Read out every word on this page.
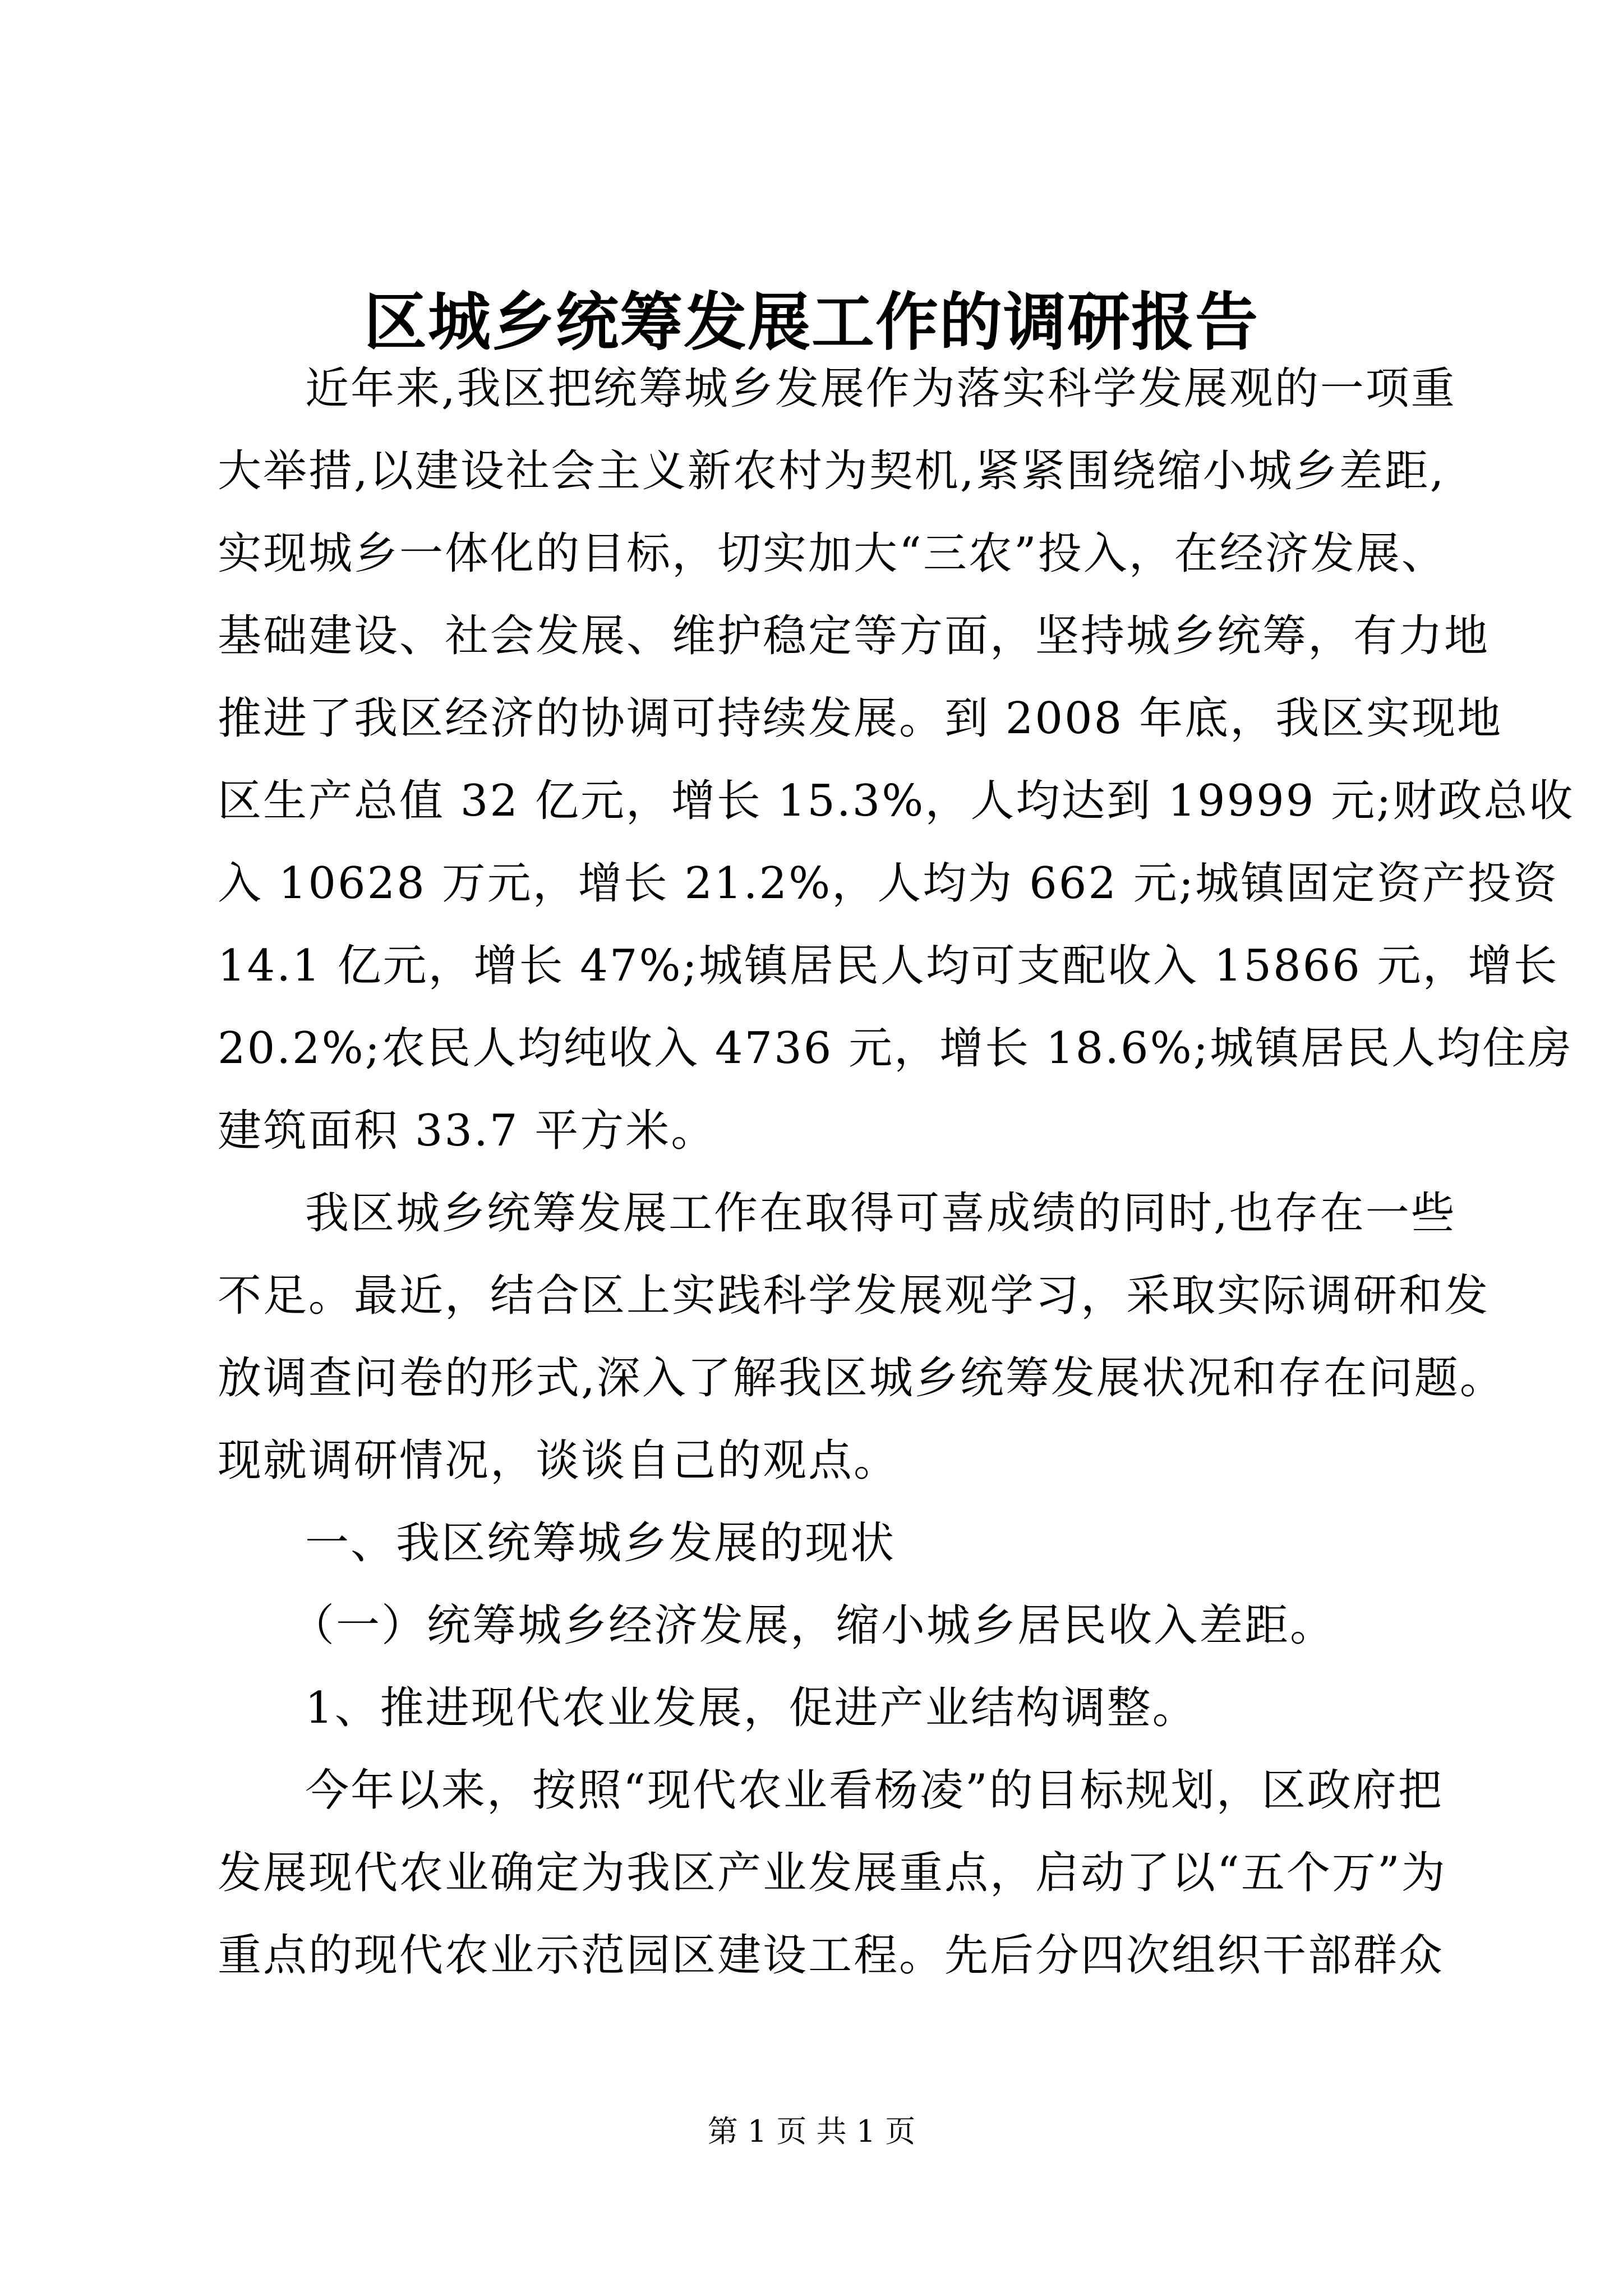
区城乡统筹发展工作的调研报告
近年来,我区把统筹城乡发展作为落实科学发展观的一项重
大举措,以建设社会主义新农村为契机,紧紧围绕缩小城乡差距,
实现城乡一体化的目标，切实加大“三农”投入，在经济发展、
基础建设、社会发展、维护稳定等方面，坚持城乡统筹，有力地
推进了我区经济的协调可持续发展。到 2008 年底，我区实现地
区生产总值 32 亿元，增长 15.3%，人均达到 19999 元;财政总收
入 10628 万元，增长 21.2%，人均为 662 元;城镇固定资产投资
14.1 亿元，增长 47%;城镇居民人均可支配收入 15866 元，增长
20.2%;农民人均纯收入 4736 元，增长 18.6%;城镇居民人均住房
建筑面积 33.7 平方米。
我区城乡统筹发展工作在取得可喜成绩的同时,也存在一些
不足。最近，结合区上实践科学发展观学习，采取实际调研和发
放调查问卷的形式,深入了解我区城乡统筹发展状况和存在问题。
现就调研情况，谈谈自己的观点。
一、我区统筹城乡发展的现状
（一）统筹城乡经济发展，缩小城乡居民收入差距。
1、推进现代农业发展，促进产业结构调整。
今年以来，按照“现代农业看杨凌”的目标规划，区政府把
发展现代农业确定为我区产业发展重点，启动了以“五个万”为
重点的现代农业示范园区建设工程。先后分四次组织干部群众
第 1 页 共 1 页
